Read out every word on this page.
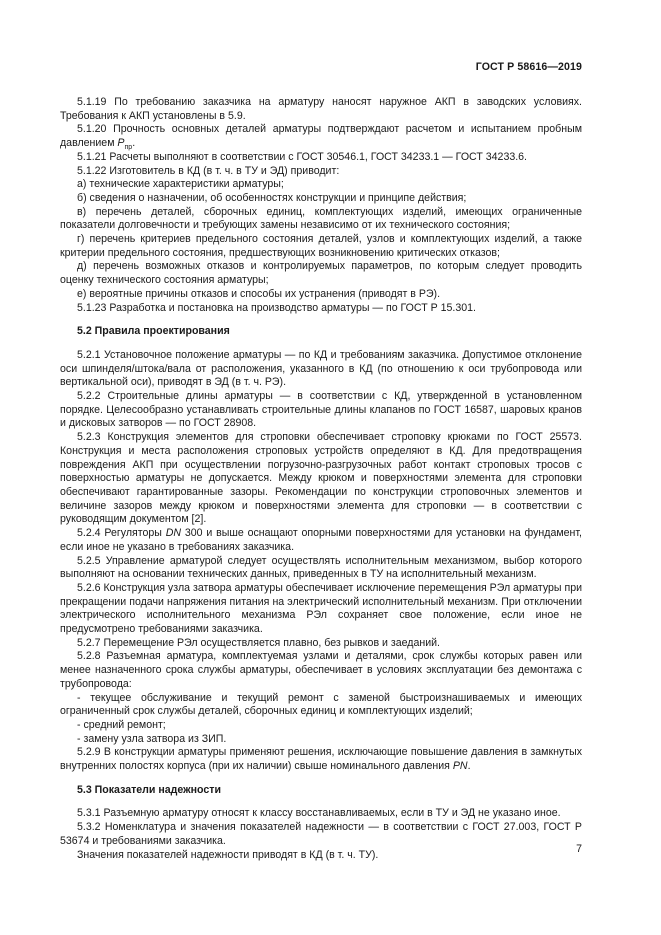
ГОСТ Р 58616—2019

5.1.19 По требованию заказчика на арматуру наносят наружное АКП в заводских условиях. Требования к АКП установлены в 5.9.

5.1.20 Прочность основных деталей арматуры подтверждают расчетом и испытанием пробным давлением $P_{пр}$.

5.1.21 Расчеты выполняют в соответствии с ГОСТ 30546.1, ГОСТ 34233.1 — ГОСТ 34233.6.

5.1.22 Изготовитель в КД (в т. ч. в ТУ и ЭД) приводит:

а) технические характеристики арматуры;

б) сведения о назначении, об особенностях конструкции и принципе действия;

в) перечень деталей, сборочных единиц, комплектующих изделий, имеющих ограниченные показатели долговечности и требующих замены независимо от их технического состояния;

г) перечень критериев предельного состояния деталей, узлов и комплектующих изделий, а также критерии предельного состояния, предшествующих возникновению критических отказов;

д) перечень возможных отказов и контролируемых параметров, по которым следует проводить оценку технического состояния арматуры;

е) вероятные причины отказов и способы их устранения (приводят в РЭ).

5.1.23 Разработка и постановка на производство арматуры — по ГОСТ Р 15.301.

5.2 Правила проектирования

5.2.1 Установочное положение арматуры — по КД и требованиям заказчика. Допустимое отклонение оси шпинделя/штока/вала от расположения, указанного в КД (по отношению к оси трубопровода или вертикальной оси), приводят в ЭД (в т. ч. РЭ).

5.2.2 Строительные длины арматуры — в соответствии с КД, утвержденной в установленном порядке. Целесообразно устанавливать строительные длины клапанов по ГОСТ 16587, шаровых кранов и дисковых затворов — по ГОСТ 28908.

5.2.3 Конструкция элементов для строповки обеспечивает строповку крюками по ГОСТ 25573. Конструкция и места расположения строповых устройств определяют в КД. Для предотвращения повреждения АКП при осуществлении погрузочно-разгрузочных работ контакт строповых тросов с поверхностью арматуры не допускается. Между крюком и поверхностями элемента для строповки обеспечивают гарантированные зазоры. Рекомендации по конструкции строповочных элементов и величине зазоров между крюком и поверхностями элемента для строповки — в соответствии с руководящим документом [2].

5.2.4 Регуляторы DN 300 и выше оснащают опорными поверхностями для установки на фундамент, если иное не указано в требованиях заказчика.

5.2.5 Управление арматурой следует осуществлять исполнительным механизмом, выбор которого выполняют на основании технических данных, приведенных в ТУ на исполнительный механизм.

5.2.6 Конструкция узла затвора арматуры обеспечивает исключение перемещения РЭл арматуры при прекращении подачи напряжения питания на электрический исполнительный механизм. При отключении электрического исполнительного механизма РЭл сохраняет свое положение, если иное не предусмотрено требованиями заказчика.

5.2.7 Перемещение РЭл осуществляется плавно, без рывков и заеданий.

5.2.8 Разъемная арматура, комплектуемая узлами и деталями, срок службы которых равен или менее назначенного срока службы арматуры, обеспечивает в условиях эксплуатации без демонтажа с трубопровода:

- текущее обслуживание и текущий ремонт с заменой быстроизнашиваемых и имеющих ограниченный срок службы деталей, сборочных единиц и комплектующих изделий;

- средний ремонт;

- замену узла затвора из ЗИП.

5.2.9 В конструкции арматуры применяют решения, исключающие повышение давления в замкнутых внутренних полостях корпуса (при их наличии) свыше номинального давления PN.

5.3 Показатели надежности

5.3.1 Разъемную арматуру относят к классу восстанавливаемых, если в ТУ и ЭД не указано иное.

5.3.2 Номенклатура и значения показателей надежности — в соответствии с ГОСТ 27.003, ГОСТ Р 53674 и требованиями заказчика.

Значения показателей надежности приводят в КД (в т. ч. ТУ).	7
